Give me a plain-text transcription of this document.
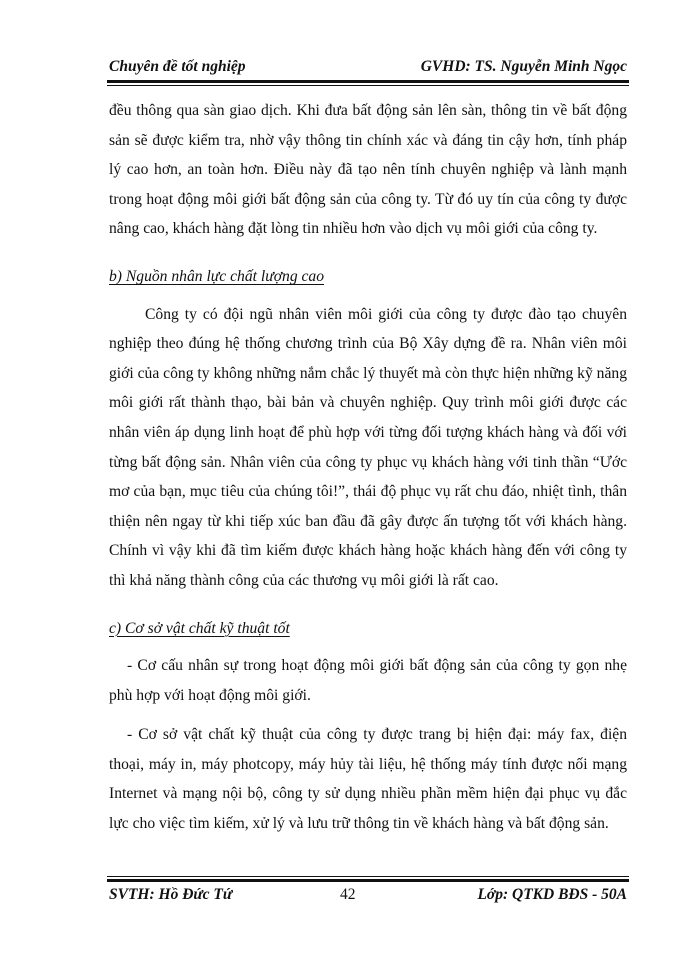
Chuyên đề tốt nghiệp	GVHD: TS. Nguyễn Minh Ngọc

đều thông qua sàn giao dịch. Khi đưa bất động sản lên sàn, thông tin về bất động sản sẽ được kiểm tra, nhờ vậy thông tin chính xác và đáng tin cậy hơn, tính pháp lý cao hơn, an toàn hơn. Điều này đã tạo nên tính chuyên nghiệp và lành mạnh trong hoạt động môi giới bất động sản của công ty. Từ đó uy tín của công ty được nâng cao, khách hàng đặt lòng tin nhiều hơn vào dịch vụ môi giới của công ty.

b) Nguồn nhân lực chất lượng cao

Công ty có đội ngũ nhân viên môi giới của công ty được đào tạo chuyên nghiệp theo đúng hệ thống chương trình của Bộ Xây dựng đề ra. Nhân viên môi giới của công ty không những nắm chắc lý thuyết mà còn thực hiện những kỹ năng môi giới rất thành thạo, bài bản và chuyên nghiệp. Quy trình môi giới được các nhân viên áp dụng linh hoạt để phù hợp với từng đối tượng khách hàng và đối với từng bất động sản. Nhân viên của công ty phục vụ khách hàng với tinh thần “Ước mơ của bạn, mục tiêu của chúng tôi!”, thái độ phục vụ rất chu đáo, nhiệt tình, thân thiện nên ngay từ khi tiếp xúc ban đầu đã gây được ấn tượng tốt với khách hàng. Chính vì vậy khi đã tìm kiếm được khách hàng hoặc khách hàng đến với công ty thì khả năng thành công của các thương vụ môi giới là rất cao.

c) Cơ sở vật chất kỹ thuật tốt

- Cơ cấu nhân sự trong hoạt động môi giới bất động sản của công ty gọn nhẹ phù hợp với hoạt động môi giới.

- Cơ sở vật chất kỹ thuật của công ty được trang bị hiện đại: máy fax, điện thoại, máy in, máy photcopy, máy hủy tài liệu, hệ thống máy tính được nối mạng Internet và mạng nội bộ, công ty sử dụng nhiều phần mềm hiện đại phục vụ đắc lực cho việc tìm kiếm, xử lý và lưu trữ thông tin về khách hàng và bất động sản.

SVTH: Hồ Đức Tứ	42	Lớp: QTKD BĐS - 50A
